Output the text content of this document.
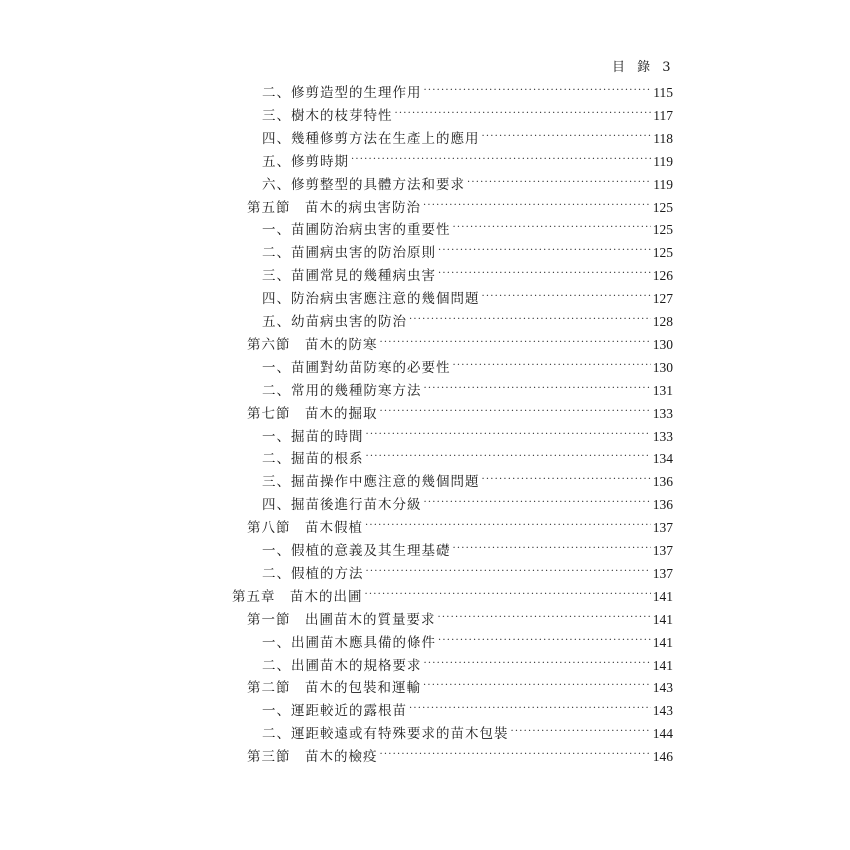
目 錄 3
二、修剪造型的生理作用 ·····	115
三、樹木的枝芽特性 ·····	117
四、幾種修剪方法在生產上的應用 ·····	118
五、修剪時期 ·····	119
六、修剪整型的具體方法和要求 ·····	119
第五節　苗木的病虫害防治 ·····	125
一、苗圃防治病虫害的重要性 ·····	125
二、苗圃病虫害的防治原則 ·····	125
三、苗圃常見的幾種病虫害 ·····	126
四、防治病虫害應注意的幾個問題 ·····	127
五、幼苗病虫害的防治 ·····	128
第六節　苗木的防寒 ·····	130
一、苗圃對幼苗防寒的必要性 ·····	130
二、常用的幾種防寒方法 ·····	131
第七節　苗木的掘取 ·····	133
一、掘苗的時間 ·····	133
二、掘苗的根系 ·····	134
三、掘苗操作中應注意的幾個問題 ·····	136
四、掘苗後進行苗木分級 ·····	136
第八節　苗木假植 ·····	137
一、假植的意義及其生理基礎 ·····	137
二、假植的方法 ·····	137
第五章　苗木的出圃 ·····	141
第一節　出圃苗木的質量要求 ·····	141
一、出圃苗木應具備的條件 ·····	141
二、出圃苗木的規格要求 ·····	141
第二節　苗木的包裝和運輸 ·····	143
一、運距較近的露根苗 ·····	143
二、運距較遠或有特殊要求的苗木包裝 ·····	144
第三節　苗木的檢疫 ·····	146
